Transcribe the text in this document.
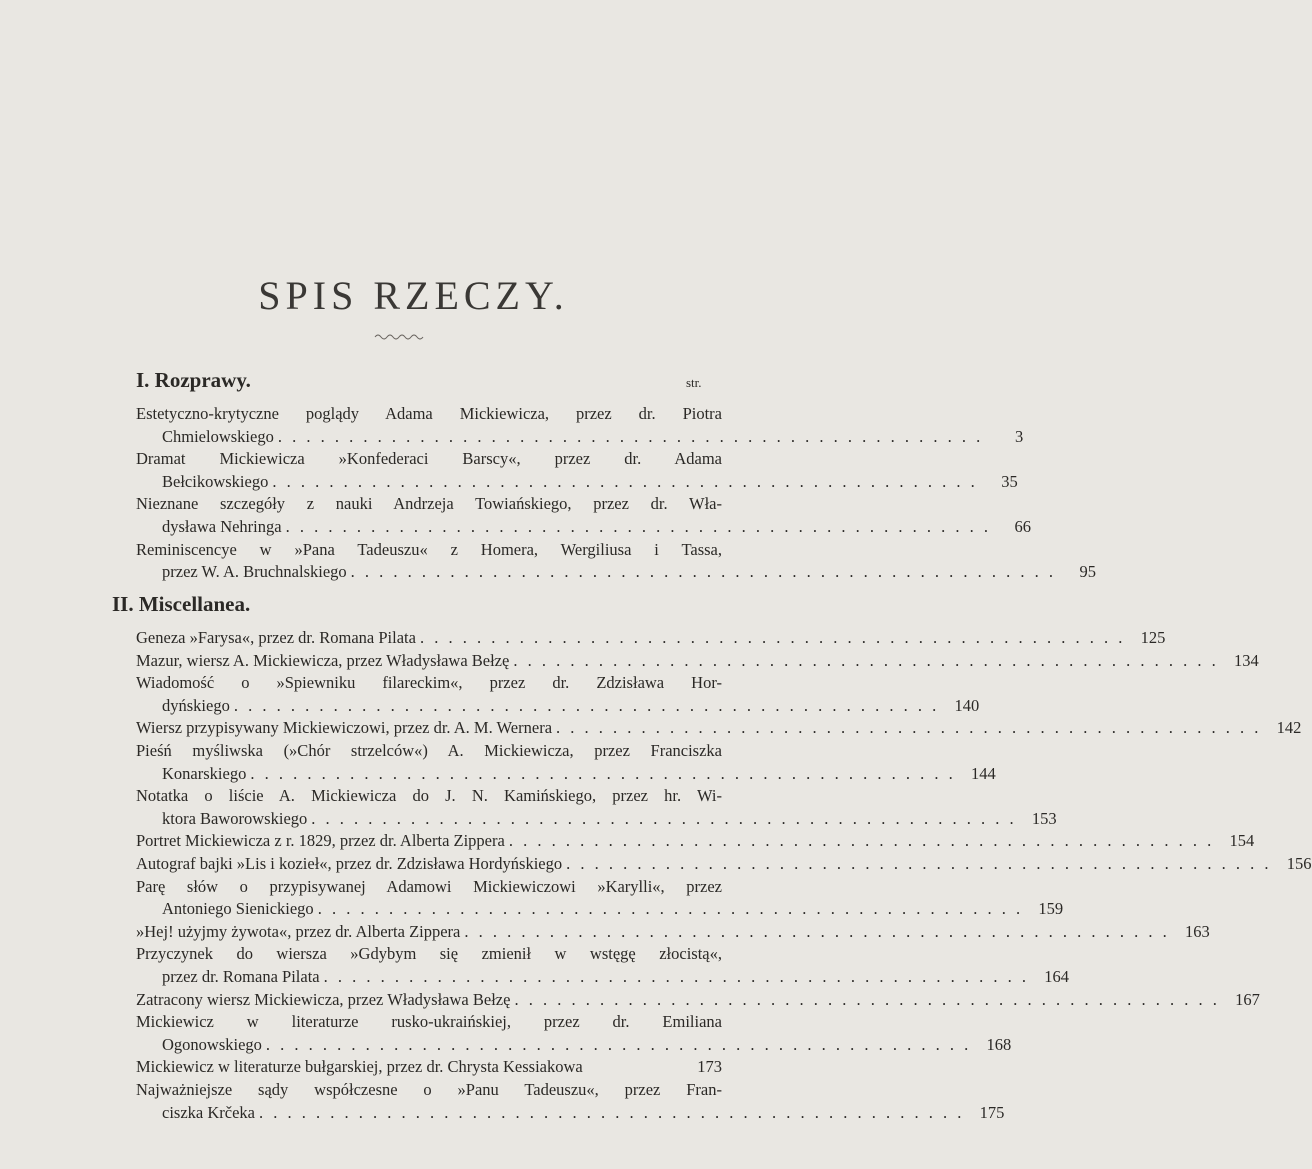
SPIS RZECZY.
I. Rozprawy.	str.
II. Miscellanea.
Estetyczno-krytyczne poglądy Adama Mickiewicza, przez dr. Piotra
Chmielowskiego . . . . . . . . . . . . . . . . . . . . . . . . . . . . . . . . . . . . . . . . . . . . . . . . . .	3
Dramat Mickiewicza »Konfederaci Barscy«, przez dr. Adama
Bełcikowskiego . . . . . . . . . . . . . . . . . . . . . . . . . . . . . . . . . . . . . . . . . . . . . . . . . .	35
Nieznane szczegóły z nauki Andrzeja Towiańskiego, przez dr. Wła-
dysława Nehringa . . . . . . . . . . . . . . . . . . . . . . . . . . . . . . . . . . . . . . . . . . . . . . . . . .	66
Reminiscencye w »Pana Tadeuszu« z Homera, Wergiliusa i Tassa,
przez W. A. Bruchnalskiego . . . . . . . . . . . . . . . . . . . . . . . . . . . . . . . . . . . . . . . . . . . . . . . . . .	95
Geneza »Farysa«, przez dr. Romana Pilata . . . . . . . . . . . . . . . . . . . . . . . . . . . . . . . . . . . . . . . . . . . . . . . . . . 125
Mazur, wiersz A. Mickiewicza, przez Władysława Bełzę . . . . . . . . . . . . . . . . . . . . . . . . . . . . . . . . . . . . . . . . . . . . . . . . . . 134
Wiadomość o »Spiewniku filareckim«, przez dr. Zdzisława Hor-
dyńskiego . . . . . . . . . . . . . . . . . . . . . . . . . . . . . . . . . . . . . . . . . . . . . . . . . . 140
Wiersz przypisywany Mickiewiczowi, przez dr. A. M. Wernera . . . . . . . . . . . . . . . . . . . . . . . . . . . . . . . . . . . . . . . . . . . . . . . . . . 142
Pieśń myśliwska (»Chór strzelców«) A. Mickiewicza, przez Franciszka
Konarskiego . . . . . . . . . . . . . . . . . . . . . . . . . . . . . . . . . . . . . . . . . . . . . . . . . . 144
Notatka o liście A. Mickiewicza do J. N. Kamińskiego, przez hr. Wi-
ktora Baworowskiego . . . . . . . . . . . . . . . . . . . . . . . . . . . . . . . . . . . . . . . . . . . . . . . . . . 153
Portret Mickiewicza z r. 1829, przez dr. Alberta Zippera . . . . . . . . . . . . . . . . . . . . . . . . . . . . . . . . . . . . . . . . . . . . . . . . . . 154
Autograf bajki »Lis i kozieł«, przez dr. Zdzisława Hordyńskiego . . . . . . . . . . . . . . . . . . . . . . . . . . . . . . . . . . . . . . . . . . . . . . . . . . 156
Parę słów o przypisywanej Adamowi Mickiewiczowi »Karylli«, przez
Antoniego Sienickiego . . . . . . . . . . . . . . . . . . . . . . . . . . . . . . . . . . . . . . . . . . . . . . . . . . 159
»Hej! użyjmy żywota«, przez dr. Alberta Zippera . . . . . . . . . . . . . . . . . . . . . . . . . . . . . . . . . . . . . . . . . . . . . . . . . . 163
Przyczynek do wiersza »Gdybym się zmienił w wstęgę złocistą«,
przez dr. Romana Pilata . . . . . . . . . . . . . . . . . . . . . . . . . . . . . . . . . . . . . . . . . . . . . . . . . . 164
Zatracony wiersz Mickiewicza, przez Władysława Bełzę . . . . . . . . . . . . . . . . . . . . . . . . . . . . . . . . . . . . . . . . . . . . . . . . . . 167
Mickiewicz w literaturze rusko-ukraińskiej, przez dr. Emiliana
Ogonowskiego . . . . . . . . . . . . . . . . . . . . . . . . . . . . . . . . . . . . . . . . . . . . . . . . . . 168
Mickiewicz w literaturze bułgarskiej, przez dr. Chrysta Kessiakowa	173
Najważniejsze sądy współczesne o »Panu Tadeuszu«, przez Fran-
ciszka Krčeka . . . . . . . . . . . . . . . . . . . . . . . . . . . . . . . . . . . . . . . . . . . . . . . . . . 175
